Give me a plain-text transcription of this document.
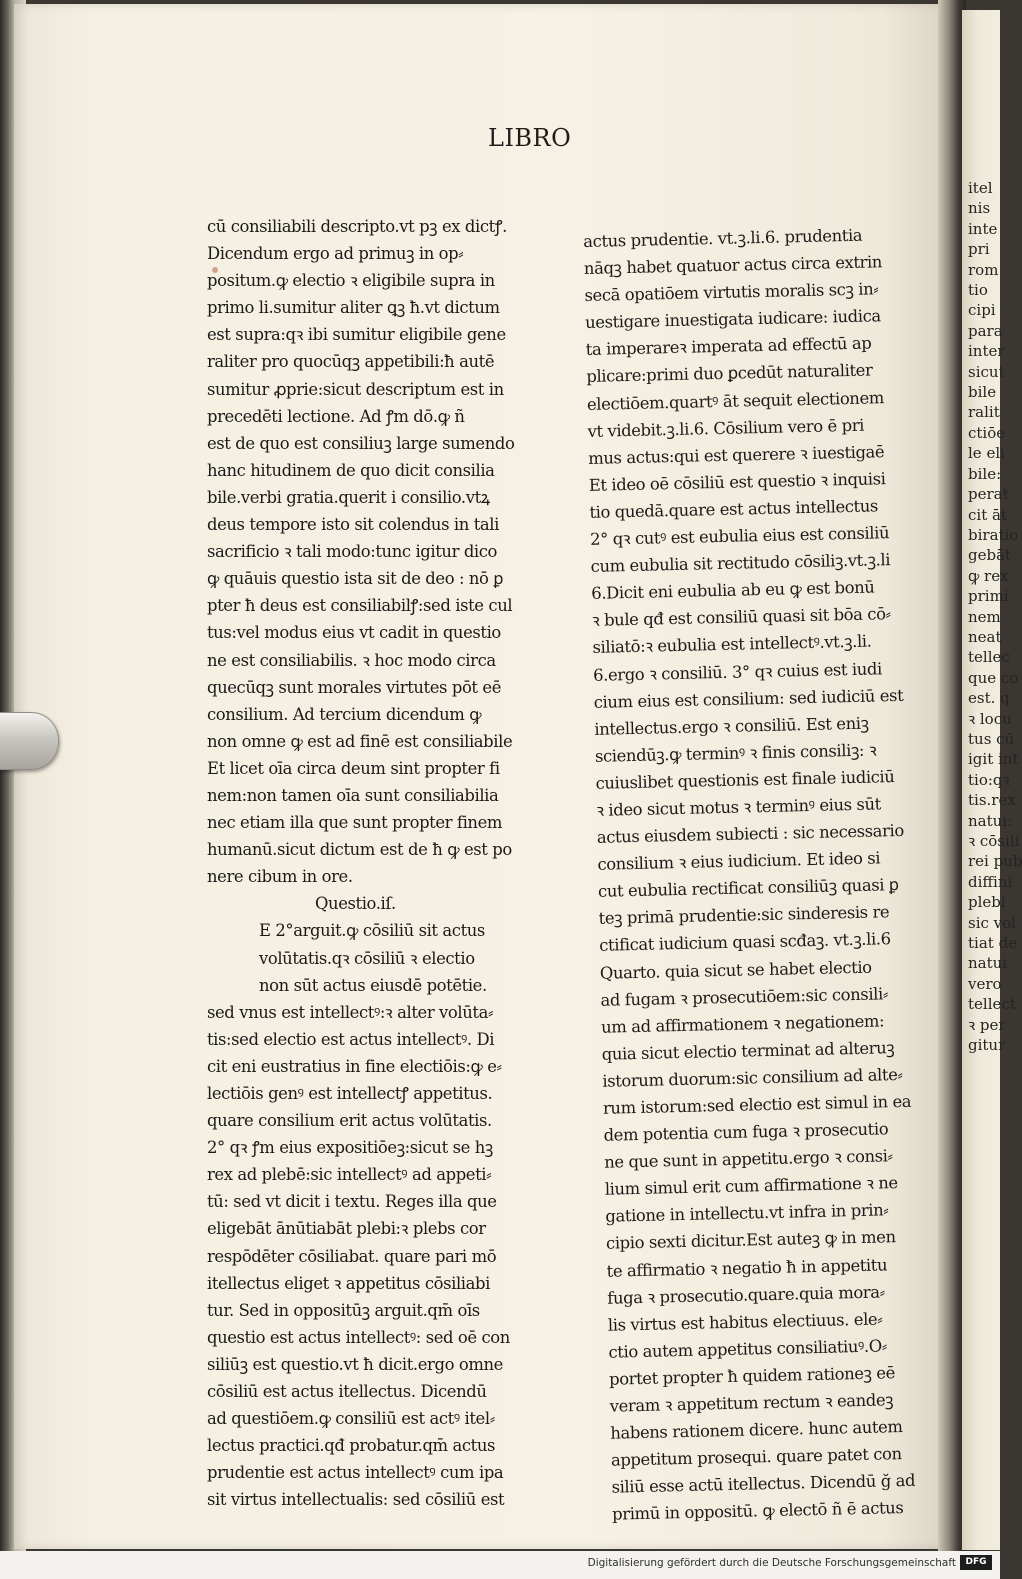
LIBRO
cū consiliabili descripto.vt pꝫ ex dictꝭ.
Dicendum ergo ad primuꝫ in op⸗
positum.ꝙ electio ꝛ eligibile supra in
primo li.sumitur aliter ꝗꝫ ħ.vt dictum
est supra:qꝛ ibi sumitur eligibile gene
raliter pro quocūqꝫ appetibili:ħ autē
sumitur ꝓprie:sicut descriptum est in
precedēti lectione. Ad ꝭm dō.ꝙ ñ
est de quo est consiliuꝫ large sumendo
hanc hitudinem de quo dicit consilia
bile.verbi gratia.querit i consilio.vtꝝ
deus tempore isto sit colendus in tali
sacrificio ꝛ tali modo:tunc igitur dico
ꝙ quāuis questio ista sit de deo : nō ꝑ
pter ħ deus est consiliabilꝭ:sed iste cul
tus:vel modus eius vt cadit in questio
ne est consiliabilis. ꝛ hoc modo circa
quecūqꝫ sunt morales virtutes pōt eē
consilium. Ad tercium dicendum ꝙ
non omne ꝙ est ad finē est consiliabile
Et licet oīa circa deum sint propter fi
nem:non tamen oīa sunt consiliabilia
nec etiam illa que sunt propter finem
humanū.sicut dictum est de ħ ꝙ est po
nere cibum in ore.
Questio.iſ.
E 2°arguit.ꝙ cōsiliū sit actus
volūtatis.qꝛ cōsiliū ꝛ electio
non sūt actus eiusdē potētie.
sed vnus est intellectꝰ:ꝛ alter volūta⸗
tis:sed electio est actus intellectꝰ. Di
cit eni eustratius in fine electiōis:ꝙ e⸗
lectiōis genꝰ est intellectꝭ appetitus.
quare consilium erit actus volūtatis.
2° qꝛ ꝭm eius expositiōeꝫ:sicut se hꝫ
rex ad plebē:sic intellectꝰ ad appeti⸗
tū: sed vt dicit i textu. Reges illa que
eligebāt ānūtiabāt plebi:ꝛ plebs cor
respōdēter cōsiliabat. quare pari mō
itellectus eliget ꝛ appetitus cōsiliabi
tur. Sed in oppositūꝫ arguit.qm̄ oīs
questio est actus intellectꝰ: sed oē con
siliūꝫ est questio.vt ħ dicit.ergo omne
cōsiliū est actus itellectus. Dicendū
ad questiōem.ꝙ consiliū est actꝰ itel⸗
lectus practici.qđ probatur.qm̄ actus
prudentie est actus intellectꝰ cum ipa
sit virtus intellectualis: sed cōsiliū est
actus prudentie. vt.ꝫ.li.6. prudentia
nāqꝫ habet quatuor actus circa extrin
secā opatiōem virtutis moralis scꝫ in⸗
uestigare inuestigata iudicare: iudica
ta imperareꝛ imperata ad effectū ap
plicare:primi duo ꝑcedūt naturaliter
electiōem.quartꝰ āt sequit electionem
vt videbit.ꝫ.li.6. Cōsilium vero ē pri
mus actus:qui est querere ꝛ iuestigaē
Et ideo oē cōsiliū est questio ꝛ inquisi
tio quedā.quare est actus intellectus
2° qꝛ cutꝰ est eubulia eius est consiliū
cum eubulia sit rectitudo cōsiliꝫ.vt.ꝫ.li
6.Dicit eni eubulia ab eu ꝙ est bonū
ꝛ bule qđ est consiliū quasi sit bōa cō⸗
siliatō:ꝛ eubulia est intellectꝰ.vt.ꝫ.li.
6.ergo ꝛ consiliū. 3° qꝛ cuius est iudi
cium eius est consilium: sed iudiciū est
intellectus.ergo ꝛ consiliū. Est eniꝫ
sciendūꝫ.ꝙ terminꝰ ꝛ finis consiliꝫ: ꝛ
cuiuslibet questionis est finale iudiciū
ꝛ ideo sicut motus ꝛ terminꝰ eius sūt
actus eiusdem subiecti : sic necessario
consilium ꝛ eius iudicium. Et ideo si
cut eubulia rectificat consiliūꝫ quasi ꝑ
teꝫ primā prudentie:sic sinderesis re
ctificat iudicium quasi scđaꝫ. vt.ꝫ.li.6
Quarto. quia sicut se habet electio
ad fugam ꝛ prosecutiōem:sic consili⸗
um ad affirmationem ꝛ negationem:
quia sicut electio terminat ad alteruꝫ
istorum duorum:sic consilium ad alte⸗
rum istorum:sed electio est simul in ea
dem potentia cum fuga ꝛ prosecutio
ne que sunt in appetitu.ergo ꝛ consi⸗
lium simul erit cum affirmatione ꝛ ne
gatione in intellectu.vt infra in prin⸗
cipio sexti dicitur.Est auteꝫ ꝙ in men
te affirmatio ꝛ negatio ħ in appetitu
fuga ꝛ prosecutio.quare.quia mora⸗
lis virtus est habitus electiuus. ele⸗
ctio autem appetitus consiliatiuꝰ.O⸗
portet propter ħ quidem rationeꝫ eē
veram ꝛ appetitum rectum ꝛ eandeꝫ
habens rationem dicere. hunc autem
appetitum prosequi. quare patet con
siliū esse actū itellectus. Dicendū ğ ad
primū in oppositū. ꝙ electō ñ ē actus
itel
nis
inte
pri
rom
tio
cipi
para
inter
sicut
bile
ralit
ctiōe
le eli
bile:
perat
cit āt
biratio
gebāt
ꝙ rex
primi
nem
neat
tellec
que co
est. q
ꝛ locu
tus cū
igit int
tio:qꝛ
tis.rex
natui:
ꝛ cōsili
rei pub
diffini
plebi
sic vol
tiat de
natui
vero
tellect
ꝛ per
gitur
Digitalisierung gefördert durch die Deutsche Forschungsgemeinschaft	DFG
